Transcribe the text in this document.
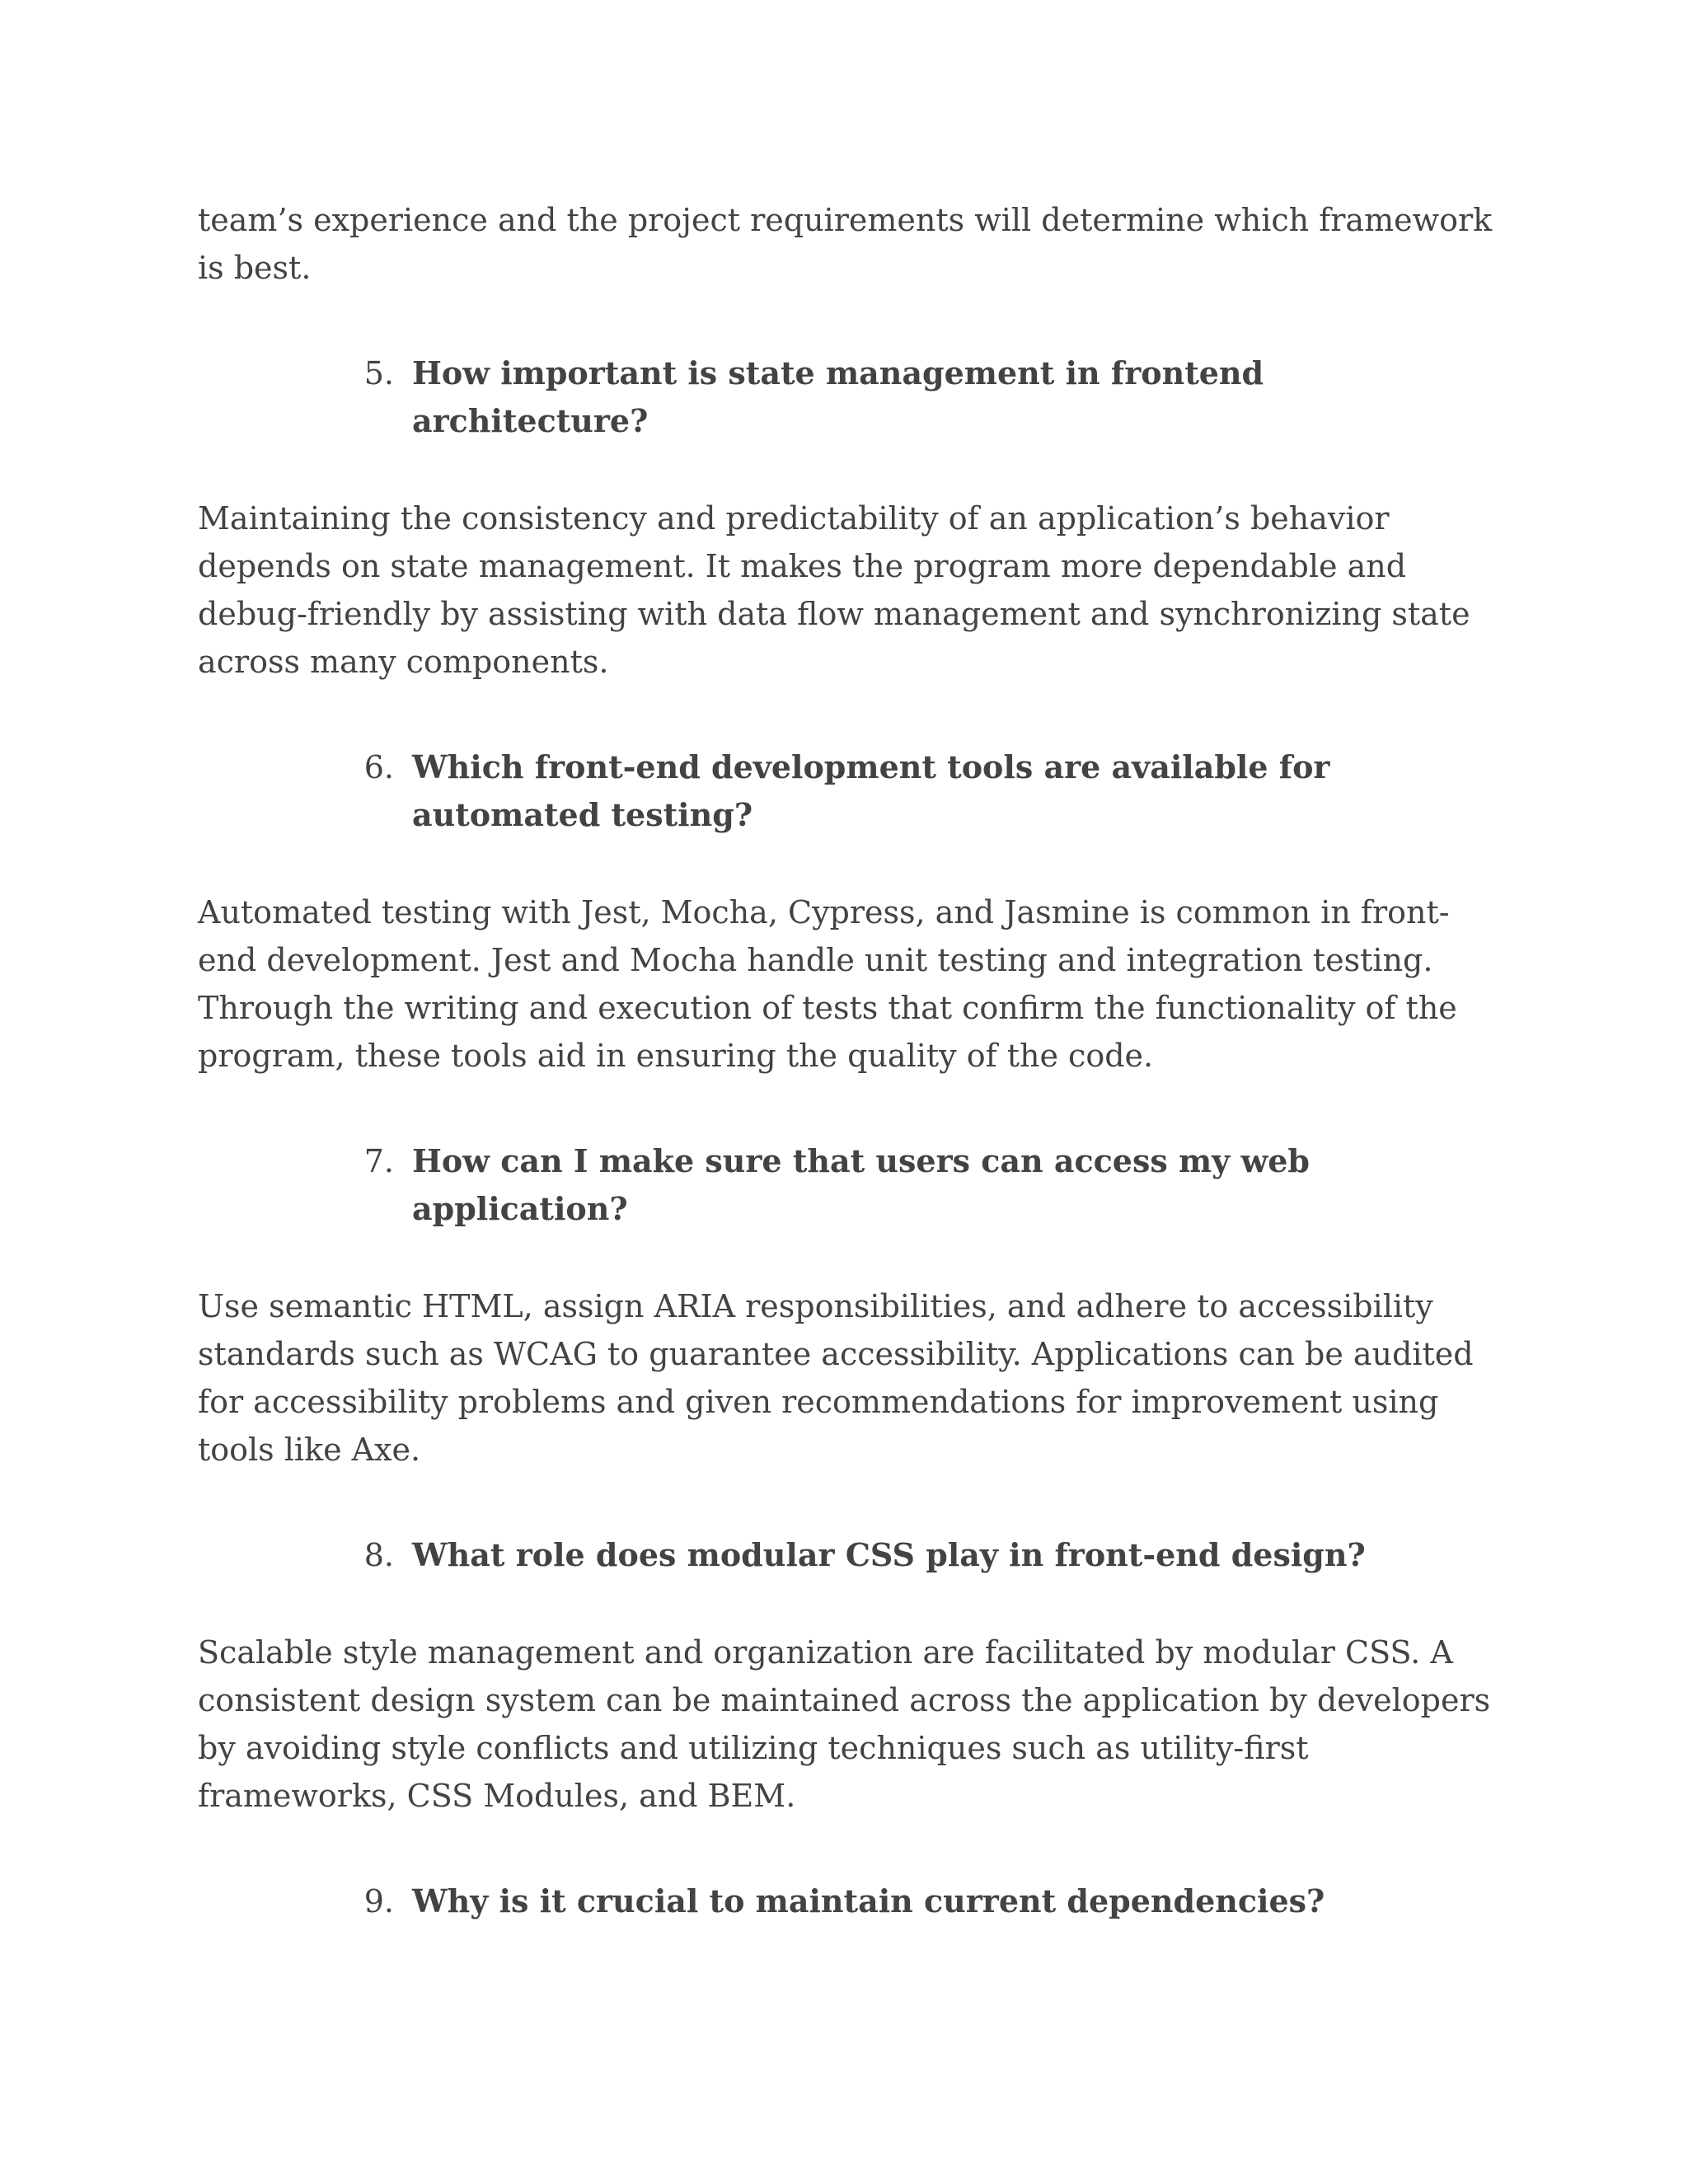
team’s experience and the project requirements will determine which framework is best.

5. How important is state management in frontend architecture?

Maintaining the consistency and predictability of an application’s behavior depends on state management. It makes the program more dependable and debug-friendly by assisting with data flow management and synchronizing state across many components.

6. Which front-end development tools are available for automated testing?

Automated testing with Jest, Mocha, Cypress, and Jasmine is common in front-end development. Jest and Mocha handle unit testing and integration testing. Through the writing and execution of tests that confirm the functionality of the program, these tools aid in ensuring the quality of the code.

7. How can I make sure that users can access my web application?

Use semantic HTML, assign ARIA responsibilities, and adhere to accessibility standards such as WCAG to guarantee accessibility. Applications can be audited for accessibility problems and given recommendations for improvement using tools like Axe.

8. What role does modular CSS play in front-end design?

Scalable style management and organization are facilitated by modular CSS. A consistent design system can be maintained across the application by developers by avoiding style conflicts and utilizing techniques such as utility-first frameworks, CSS Modules, and BEM.

9. Why is it crucial to maintain current dependencies?
